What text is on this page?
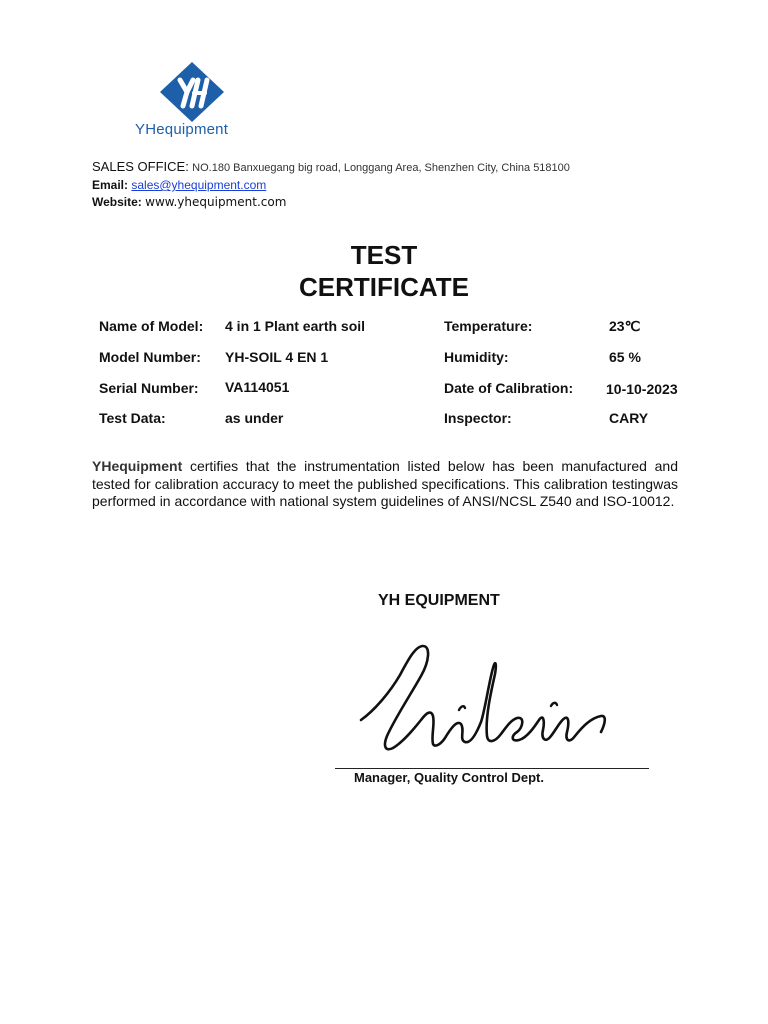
YHequipment
SALES OFFICE: NO.180 Banxuegang big road, Longgang Area, Shenzhen City, China 518100
Email: sales@yhequipment.com
Website: www.yhequipment.com
TEST
CERTIFICATE
Name of Model: 4 in 1 Plant earth soil	Temperature:	23℃
Model Number: YH-SOIL 4 EN 1	Humidity:	65 %
Serial Number: VA114051	Date of Calibration: 10-10-2023
Test Data:	as under	Inspector:	CARY
YHequipment certifies that the instrumentation listed below has been manufactured and tested for calibration accuracy to meet the published specifications. This calibration testingwas performed in accordance with national system guidelines of ANSI/NCSL Z540 and ISO-10012.
YH EQUIPMENT
Manager, Quality Control Dept.
